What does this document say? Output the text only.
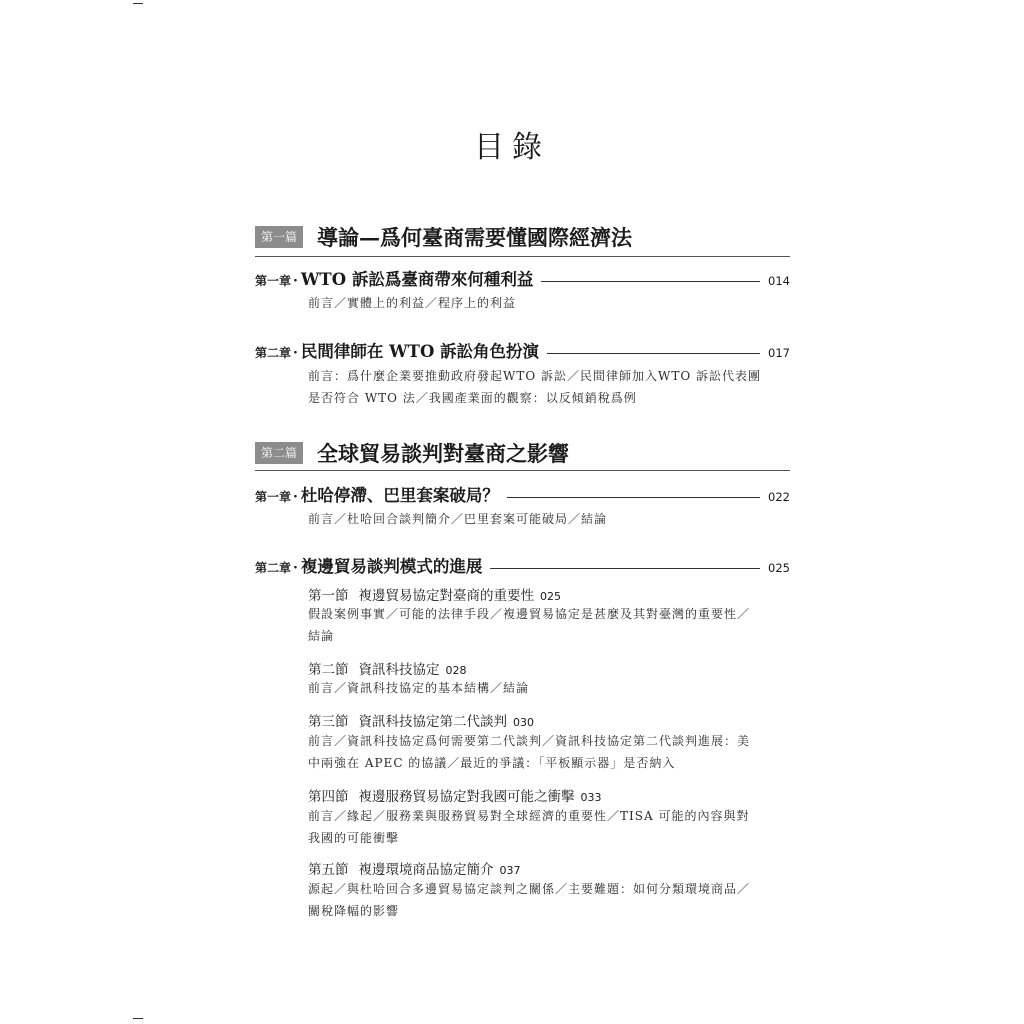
目錄
第一篇 導論—爲何臺商需要懂國際經濟法
第一章 · WTO 訴訟爲臺商帶來何種利益	014
前言／實體上的利益／程序上的利益
第二章 · 民間律師在 WTO 訴訟角色扮演	017
前言：爲什麼企業要推動政府發起WTO 訴訟／民間律師加入WTO 訴訟代表團
是否符合 WTO 法／我國產業面的觀察：以反傾銷稅爲例
第二篇 全球貿易談判對臺商之影響
第一章 · 杜哈停滯、巴里套案破局？	022
前言／杜哈回合談判簡介／巴里套案可能破局／結論
第二章 · 複邊貿易談判模式的進展	025
第一節 複邊貿易協定對臺商的重要性 025
假設案例事實／可能的法律手段／複邊貿易協定是甚麼及其對臺灣的重要性／
結論
第二節 資訊科技協定 028
前言／資訊科技協定的基本結構／結論
第三節 資訊科技協定第二代談判 030
前言／資訊科技協定爲何需要第二代談判／資訊科技協定第二代談判進展：美
中兩強在 APEC 的協議／最近的爭議：「平板顯示器」是否納入
第四節 複邊服務貿易協定對我國可能之衝擊 033
前言／緣起／服務業與服務貿易對全球經濟的重要性／TISA 可能的內容與對
我國的可能衝擊
第五節 複邊環境商品協定簡介 037
源起／與杜哈回合多邊貿易協定談判之關係／主要難題：如何分類環境商品／
關稅降幅的影響
